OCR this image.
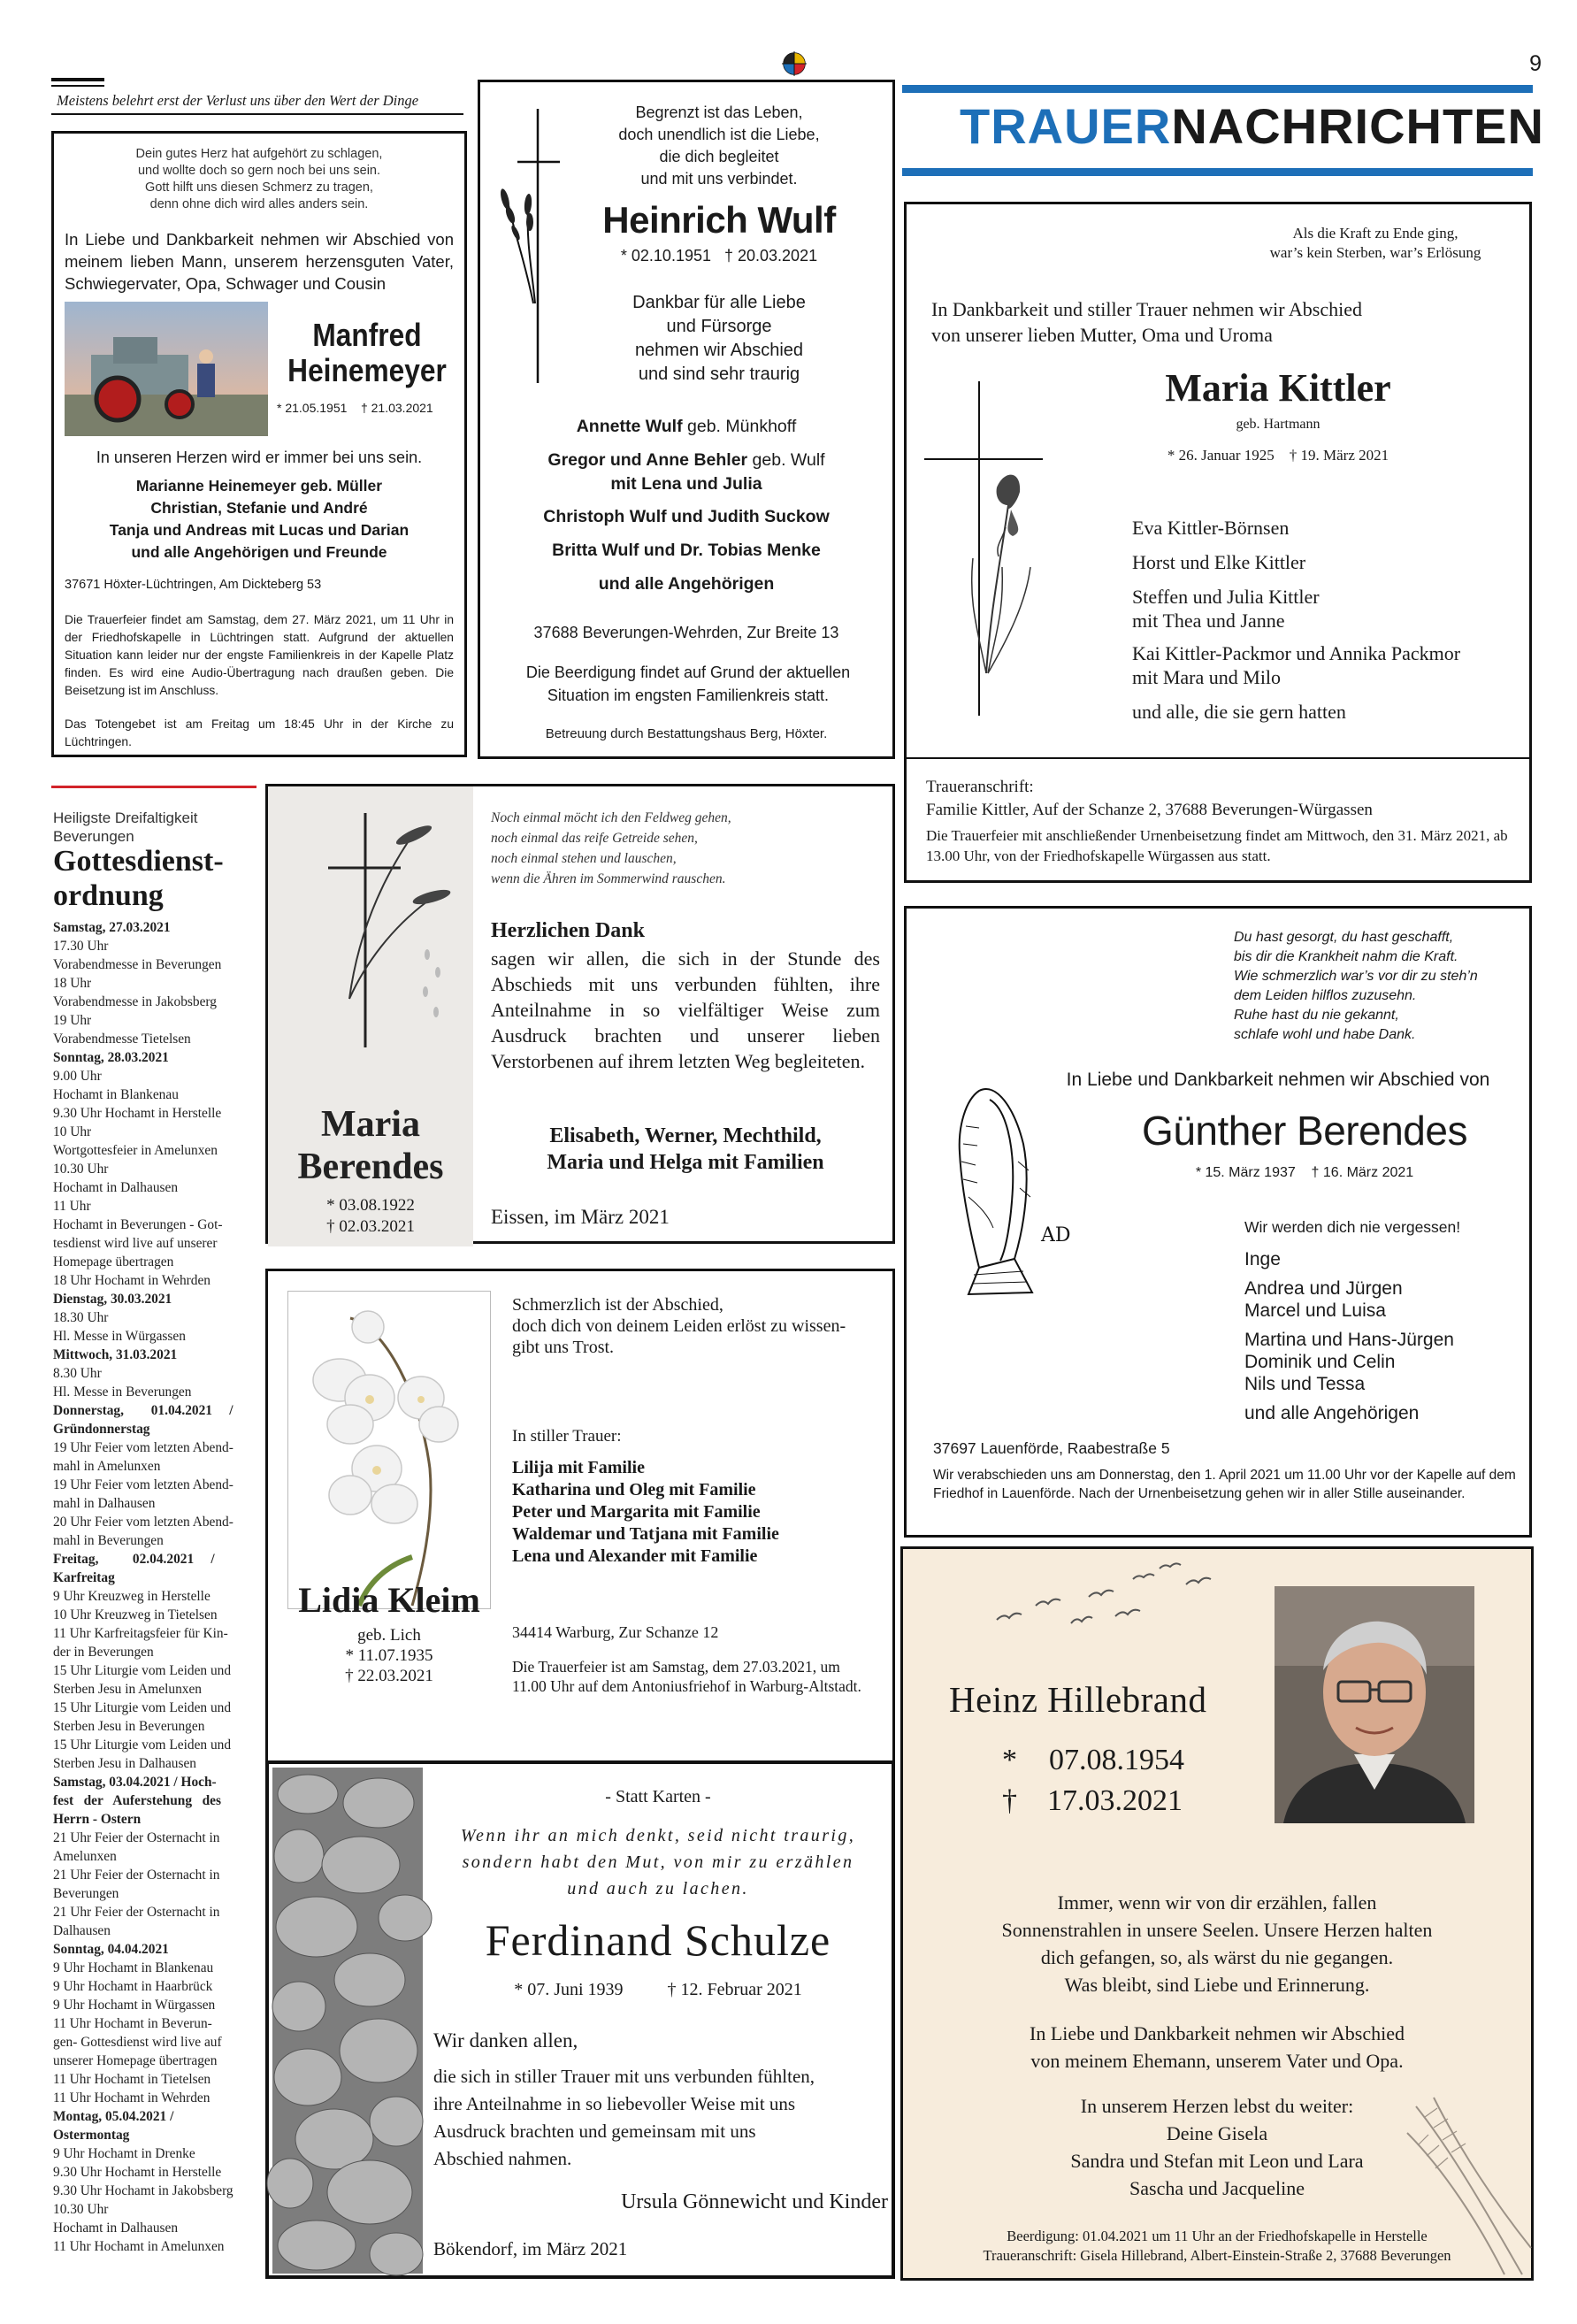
9
TRAUERNACHRICHTEN
Meistens belehrt erst der Verlust uns über den Wert der Dinge
Dein gutes Herz hat aufgehört zu schlagen,
und wollte doch so gern noch bei uns sein.
Gott hilft uns diesen Schmerz zu tragen,
denn ohne dich wird alles anders sein.
In Liebe und Dankbarkeit nehmen wir Abschied von meinem lieben Mann, unserem herzensguten Vater, Schwiegervater, Opa, Schwager und Cousin
Manfred
Heinemeyer
* 21.05.1951    † 21.03.2021
In unseren Herzen wird er immer bei uns sein.
Marianne Heinemeyer geb. Müller
Christian, Stefanie und André
Tanja und Andreas mit Lucas und Darian
und alle Angehörigen und Freunde
37671 Höxter-Lüchtringen, Am Dickteberg 53
Die Trauerfeier findet am Samstag, dem 27. März 2021, um 11 Uhr in der Friedhofskapelle in Lüchtringen statt. Aufgrund der aktuellen Situation kann leider nur der engste Familienkreis in der Kapelle Platz finden. Es wird eine Audio-Übertragung nach draußen geben. Die Beisetzung ist im Anschluss.
Das Totengebet ist am Freitag um 18:45 Uhr in der Kirche zu Lüchtringen.
Begrenzt ist das Leben,
doch unendlich ist die Liebe,
die dich begleitet
und mit uns verbindet.
Heinrich Wulf
* 02.10.1951   † 20.03.2021
Dankbar für alle Liebe
und Fürsorge
nehmen wir Abschied
und sind sehr traurig
Annette Wulf geb. Münkhoff
Gregor und Anne Behler geb. Wulf
mit Lena und Julia
Christoph Wulf und Judith Suckow
Britta Wulf und Dr. Tobias Menke
und alle Angehörigen
37688 Beverungen-Wehrden, Zur Breite 13
Die Beerdigung findet auf Grund der aktuellen Situation im engsten Familienkreis statt.
Betreuung durch Bestattungshaus Berg, Höxter.
Als die Kraft zu Ende ging,
war’s kein Sterben, war’s Erlösung
In Dankbarkeit und stiller Trauer nehmen wir Abschied
von unserer lieben Mutter, Oma und Uroma
Maria Kittler
geb. Hartmann
* 26. Januar 1925    † 19. März 2021
Eva Kittler-Börnsen
Horst und Elke Kittler
Steffen und Julia Kittler
mit Thea und Janne
Kai Kittler-Packmor und Annika Packmor
mit Mara und Milo
und alle, die sie gern hatten
Traueranschrift:
Familie Kittler, Auf der Schanze 2, 37688 Beverungen-Würgassen
Die Trauerfeier mit anschließender Urnenbeisetzung findet am Mittwoch, den 31. März 2021, ab 13.00 Uhr, von der Friedhofskapelle Würgassen aus statt.
Heiligste Dreifaltigkeit Beverungen
Gottesdienst-ordnung
Samstag, 27.03.2021
17.30 Uhr
Vorabendmesse in Beverungen
18 Uhr
Vorabendmesse in Jakobsberg
19 Uhr
Vorabendmesse Tietelsen
Sonntag, 28.03.2021
9.00 Uhr
Hochamt in Blankenau
9.30 Uhr Hochamt in Herstelle
10 Uhr
Wortgottesfeier in Amelunxen
10.30 Uhr
Hochamt in Dalhausen
11 Uhr
Hochamt in Beverungen - Got-
tesdienst wird live auf unserer
Homepage übertragen
18 Uhr Hochamt in Wehrden
Dienstag, 30.03.2021
18.30 Uhr
Hl. Messe in Würgassen
Mittwoch, 31.03.2021
8.30 Uhr
Hl. Messe in Beverungen
Donnerstag,        01.04.2021     /
Gründonnerstag
19 Uhr Feier vom letzten Abend-
mahl in Amelunxen
19 Uhr Feier vom letzten Abend-
mahl in Dalhausen
20 Uhr Feier vom letzten Abend-
mahl in Beverungen
Freitag,          02.04.2021     /
Karfreitag
9 Uhr Kreuzweg in Herstelle
10 Uhr Kreuzweg in Tietelsen
11 Uhr Karfreitagsfeier für Kin-
der in Beverungen
15 Uhr Liturgie vom Leiden und
Sterben Jesu in Amelunxen
15 Uhr Liturgie vom Leiden und
Sterben Jesu in Beverungen
15 Uhr Liturgie vom Leiden und
Sterben Jesu in Dalhausen
Samstag, 03.04.2021 / Hoch-
fest   der   Auferstehung   des
Herrn - Ostern
21 Uhr Feier der Osternacht in
Amelunxen
21 Uhr Feier der Osternacht in
Beverungen
21 Uhr Feier der Osternacht in
Dalhausen
Sonntag, 04.04.2021
9 Uhr Hochamt in Blankenau
9 Uhr Hochamt in Haarbrück
9 Uhr Hochamt in Würgassen
11 Uhr Hochamt in Beverun-
gen- Gottesdienst wird live auf
unserer Homepage übertragen
11 Uhr Hochamt in Tietelsen
11 Uhr Hochamt in Wehrden
Montag, 05.04.2021 /
Ostermontag
9 Uhr Hochamt in Drenke
9.30 Uhr Hochamt in Herstelle
9.30 Uhr Hochamt in Jakobsberg
10.30 Uhr
Hochamt in Dalhausen
11 Uhr Hochamt in Amelunxen
Maria
Berendes
* 03.08.1922
† 02.03.2021
Noch einmal möcht ich den Feldweg gehen,
noch einmal das reife Getreide sehen,
noch einmal stehen und lauschen,
wenn die Ähren im Sommerwind rauschen.
Herzlichen Dank
sagen wir allen, die sich in der Stunde des Abschieds mit uns verbunden fühlten, ihre Anteilnahme in so vielfältiger Weise zum Ausdruck brachten und unserer lieben Verstorbenen auf ihrem letzten Weg begleiteten.
Elisabeth, Werner, Mechthild,
Maria und Helga mit Familien
Eissen, im März 2021
Lidia Kleim
geb. Lich
* 11.07.1935
† 22.03.2021
Schmerzlich ist der Abschied,
doch dich von deinem Leiden erlöst zu wissen-
gibt uns Trost.
In stiller Trauer:
Lilija mit Familie
Katharina und Oleg mit Familie
Peter und Margarita mit Familie
Waldemar und Tatjana mit Familie
Lena und Alexander mit Familie
34414 Warburg, Zur Schanze 12
Die Trauerfeier ist am Samstag, dem 27.03.2021, um 11.00 Uhr auf dem Antoniusfriehof in Warburg-Altstadt.
- Statt Karten -
Wenn ihr an mich denkt, seid nicht traurig,
sondern habt den Mut, von mir zu erzählen
und auch zu lachen.
Ferdinand Schulze
* 07. Juni 1939          † 12. Februar 2021
Wir danken allen,
die sich in stiller Trauer mit uns verbunden fühlten,
ihre Anteilnahme in so liebevoller Weise mit uns
Ausdruck brachten und gemeinsam mit uns
Abschied nahmen.
Ursula Gönnewicht und Kinder
Bökendorf, im März 2021
Du hast gesorgt, du hast geschafft,
bis dir die Krankheit nahm die Kraft.
Wie schmerzlich war’s vor dir zu steh’n
dem Leiden hilflos zuzusehn.
Ruhe hast du nie gekannt,
schlafe wohl und habe Dank.
In Liebe und Dankbarkeit nehmen wir Abschied von
AD
Günther Berendes
* 15. März 1937    † 16. März 2021
Wir werden dich nie vergessen!
Inge
Andrea und Jürgen
Marcel und Luisa
Martina und Hans-Jürgen
Dominik und Celin
Nils und Tessa
und alle Angehörigen
37697 Lauenförde, Raabestraße 5
Wir verabschieden uns am Donnerstag, den 1. April 2021 um 11.00 Uhr vor der Kapelle auf dem Friedhof in Lauenförde. Nach der Urnenbeisetzung gehen wir in aller Stille auseinander.
Heinz Hillebrand
* 07.08.1954
† 17.03.2021
Immer, wenn wir von dir erzählen, fallen
Sonnenstrahlen in unsere Seelen. Unsere Herzen halten
dich gefangen, so, als wärst du nie gegangen.
Was bleibt, sind Liebe und Erinnerung.
In Liebe und Dankbarkeit nehmen wir Abschied
von meinem Ehemann, unserem Vater und Opa.
In unserem Herzen lebst du weiter:
Deine Gisela
Sandra und Stefan mit Leon und Lara
Sascha und Jacqueline
Beerdigung: 01.04.2021 um 11 Uhr an der Friedhofskapelle in Herstelle
Traueranschrift: Gisela Hillebrand, Albert-Einstein-Straße 2, 37688 Beverungen
